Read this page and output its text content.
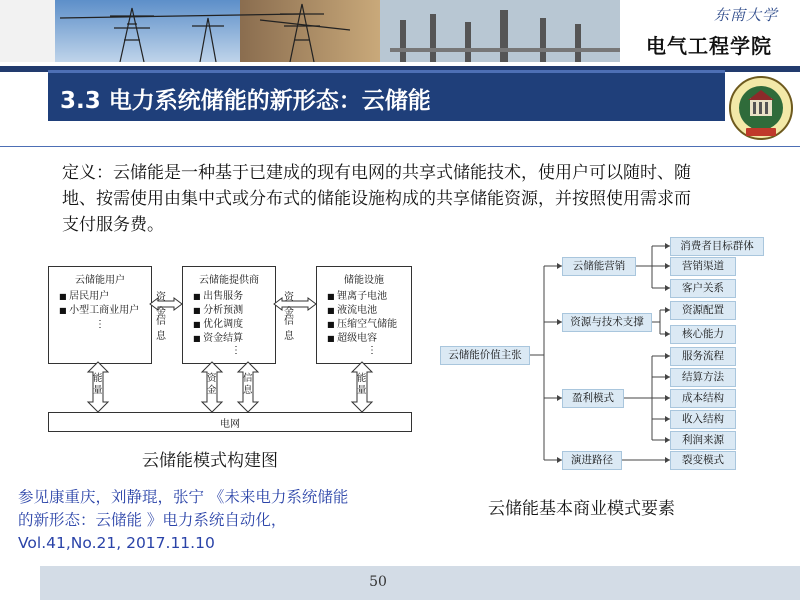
东南大学
电气工程学院
3.3 电力系统储能的新形态：云储能
定义：云储能是一种基于已建成的现有电网的共享式储能技术，使用户可以随时、随地、按需使用由集中式或分布式的储能设施构成的共享储能资源，并按照使用需求而支付服务费。
云储能用户
■ 居民用户
■ 小型工商业用户
⋮
云储能提供商
■ 出售服务
■ 分析预测
■ 优化调度
■ 资金结算
⋮
储能设施
■ 锂离子电池
■ 液流电池
■ 压缩空气储能
■ 超级电容
⋮
电网
资金
信息
资金
信息
能量
资金
信息
能量
云储能模式构建图
云储能价值主张
云储能营销
资源与技术支撑
盈利模式
演进路径
消费者目标群体
营销渠道
客户关系
资源配置
核心能力
服务流程
结算方法
成本结构
收入结构
利润来源
裂变模式
云储能基本商业模式要素
参见康重庆，刘静琨，张宁 《未来电力系统储能
的新形态：云储能 》电力系统自动化，
Vol.41,No.21, 2017.11.10
50
